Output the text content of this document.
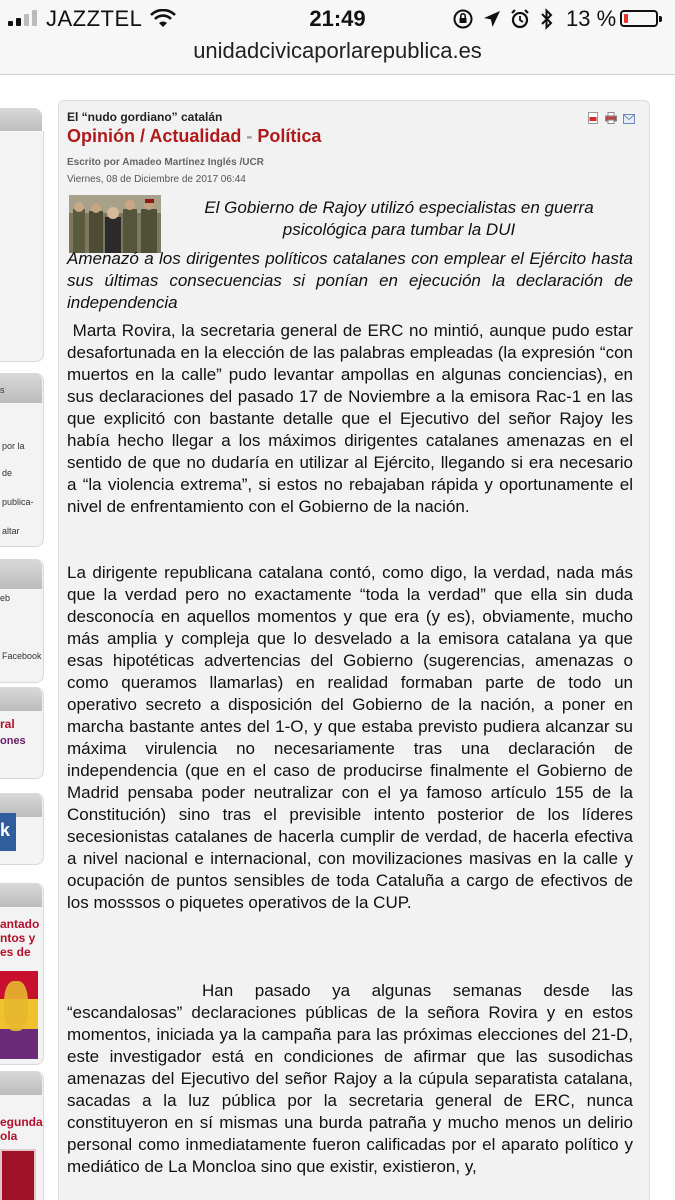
JAZZTEL	21:49	13 %
unidadcivicaporlarepublica.es
s
por la
de
publica-
altar
eb
Facebook
ral
ones
k
antado
ntos y
es de
egunda
ola
El “nudo gordiano” catalán
Opinión / Actualidad - Política

Escrito por Amadeo Martínez Inglés /UCR
Viernes, 08 de Diciembre de 2017 06:44
El Gobierno de Rajoy utilizó especialistas en guerra psicológica para tumbar la DUI
Amenazó a los dirigentes políticos catalanes con emplear el Ejército hasta sus últimas consecuencias si ponían en ejecución la declaración de independencia
Marta Rovira, la secretaria general de ERC no mintió, aunque pudo estar desafortunada en la elección de las palabras empleadas (la expresión “con muertos en la calle” pudo levantar ampollas en algunas conciencias), en sus declaraciones del pasado 17 de Noviembre a la emisora Rac-1 en las que explicitó con bastante detalle que el Ejecutivo del señor Rajoy les había hecho llegar a los máximos dirigentes catalanes amenazas en el sentido de que no dudaría en utilizar al Ejército, llegando si era necesario a “la violencia extrema”, si estos no rebajaban rápida y oportunamente el nivel de enfrentamiento con el Gobierno de la nación.
La dirigente republicana catalana contó, como digo, la verdad, nada más que la verdad pero no exactamente “toda la verdad” que ella sin duda desconocía en aquellos momentos y que era (y es), obviamente, mucho más amplia y compleja que lo desvelado a la emisora catalana ya que esas hipotéticas advertencias del Gobierno (sugerencias, amenazas o como queramos llamarlas) en realidad formaban parte de todo un operativo secreto a disposición del Gobierno de la nación, a poner en marcha bastante antes del 1-O, y que estaba previsto pudiera alcanzar su máxima virulencia no necesariamente tras una declaración de independencia (que en el caso de producirse finalmente el Gobierno de Madrid pensaba poder neutralizar con el ya famoso artículo 155 de la Constitución) sino tras el previsible intento posterior de los líderes secesionistas catalanes de hacerla cumplir de verdad, de hacerla efectiva a nivel nacional e internacional, con movilizaciones masivas en la calle y ocupación de puntos sensibles de toda Cataluña a cargo de efectivos de los mosssos o piquetes operativos de la CUP.
Han pasado ya algunas semanas desde las “escandalosas” declaraciones públicas de la señora Rovira y en estos momentos, iniciada ya la campaña para las próximas elecciones del 21-D, este investigador está en condiciones de afirmar que las susodichas amenazas del Ejecutivo del señor Rajoy a la cúpula separatista catalana, sacadas a la luz pública por la secretaria general de ERC, nunca constituyeron en sí mismas una burda patraña y mucho menos un delirio personal como inmediatamente fueron calificadas por el aparato político y mediático de La Moncloa sino que existir, existieron, y,
